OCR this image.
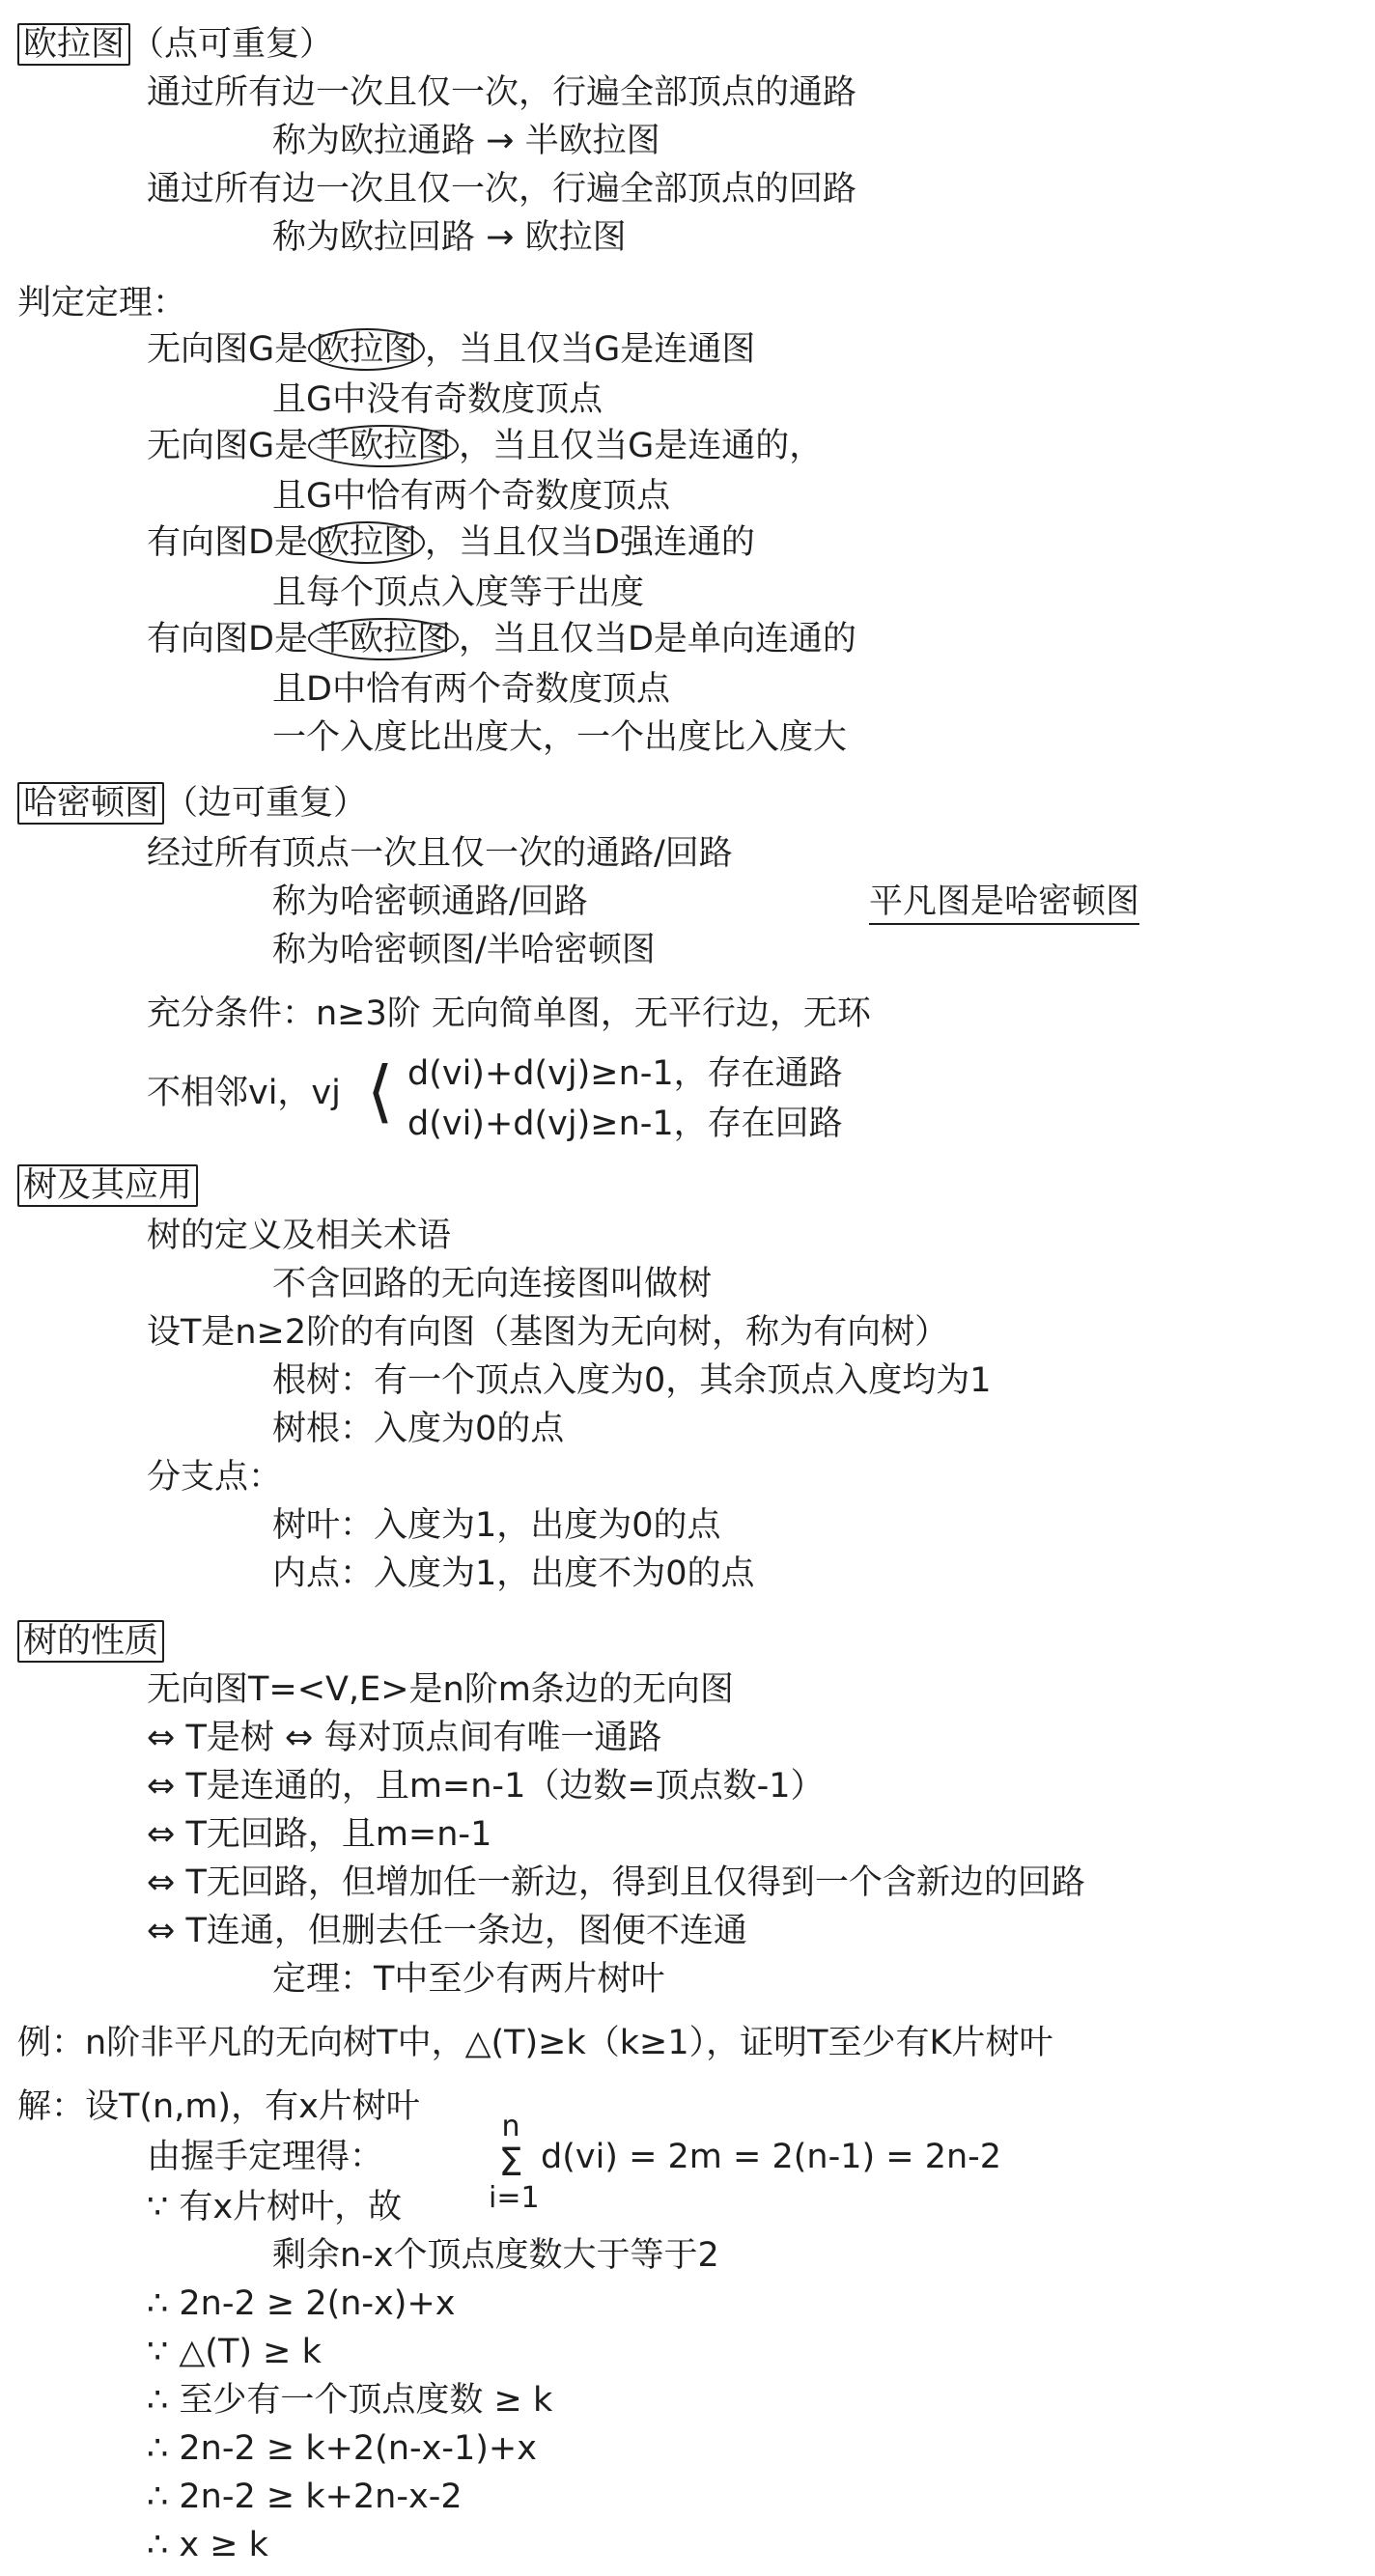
欧拉图 （点可重复）
通过所有边一次且仅一次，行遍全部顶点的通路
称为欧拉通路 → 半欧拉图
通过所有边一次且仅一次，行遍全部顶点的回路
称为欧拉回路 → 欧拉图
判定定理：
无向图G是 欧拉图 ，当且仅当G是连通图
且G中没有奇数度顶点
无向图G是 半欧拉图 ，当且仅当G是连通的，
且G中恰有两个奇数度顶点
有向图D是 欧拉图 ，当且仅当D强连通的
且每个顶点入度等于出度
有向图D是 半欧拉图 ，当且仅当D是单向连通的
且D中恰有两个奇数度顶点
一个入度比出度大，一个出度比入度大
哈密顿图 （边可重复）
经过所有顶点一次且仅一次的通路/回路
称为哈密顿通路/回路	平凡图是哈密顿图
称为哈密顿图/半哈密顿图
充分条件：n≥3阶 无向简单图，无平行边，无环
不相邻vi，vj ⟨ d(vi)+d(vj)≥n-1，存在通路
d(vi)+d(vj)≥n-1，存在回路
树及其应用
树的定义及相关术语
不含回路的无向连接图叫做树
设T是n≥2阶的有向图（基图为无向树，称为有向树）
根树：有一个顶点入度为0，其余顶点入度均为1
树根：入度为0的点
分支点：
树叶：入度为1，出度为0的点
内点：入度为1，出度不为0的点
树的性质
无向图T=<V,E>是n阶m条边的无向图
⇔ T是树 ⇔ 每对顶点间有唯一通路
⇔ T是连通的，且m=n-1（边数=顶点数-1）
⇔ T无回路，且m=n-1
⇔ T无回路，但增加任一新边，得到且仅得到一个含新边的回路
⇔ T连通，但删去任一条边，图便不连通
定理：T中至少有两片树叶
例：n阶非平凡的无向树T中，△(T)≥k（k≥1），证明T至少有K片树叶
解：设T(n,m)，有x片树叶
由握手定理得：
n
Σ
i=1
d(vi) = 2m = 2(n-1) = 2n-2
∵ 有x片树叶，故
剩余n-x个顶点度数大于等于2
∴ 2n-2 ≥ 2(n-x)+x
∵ △(T) ≥ k
∴ 至少有一个顶点度数 ≥ k
∴ 2n-2 ≥ k+2(n-x-1)+x
∴ 2n-2 ≥ k+2n-x-2
∴ x ≥ k
